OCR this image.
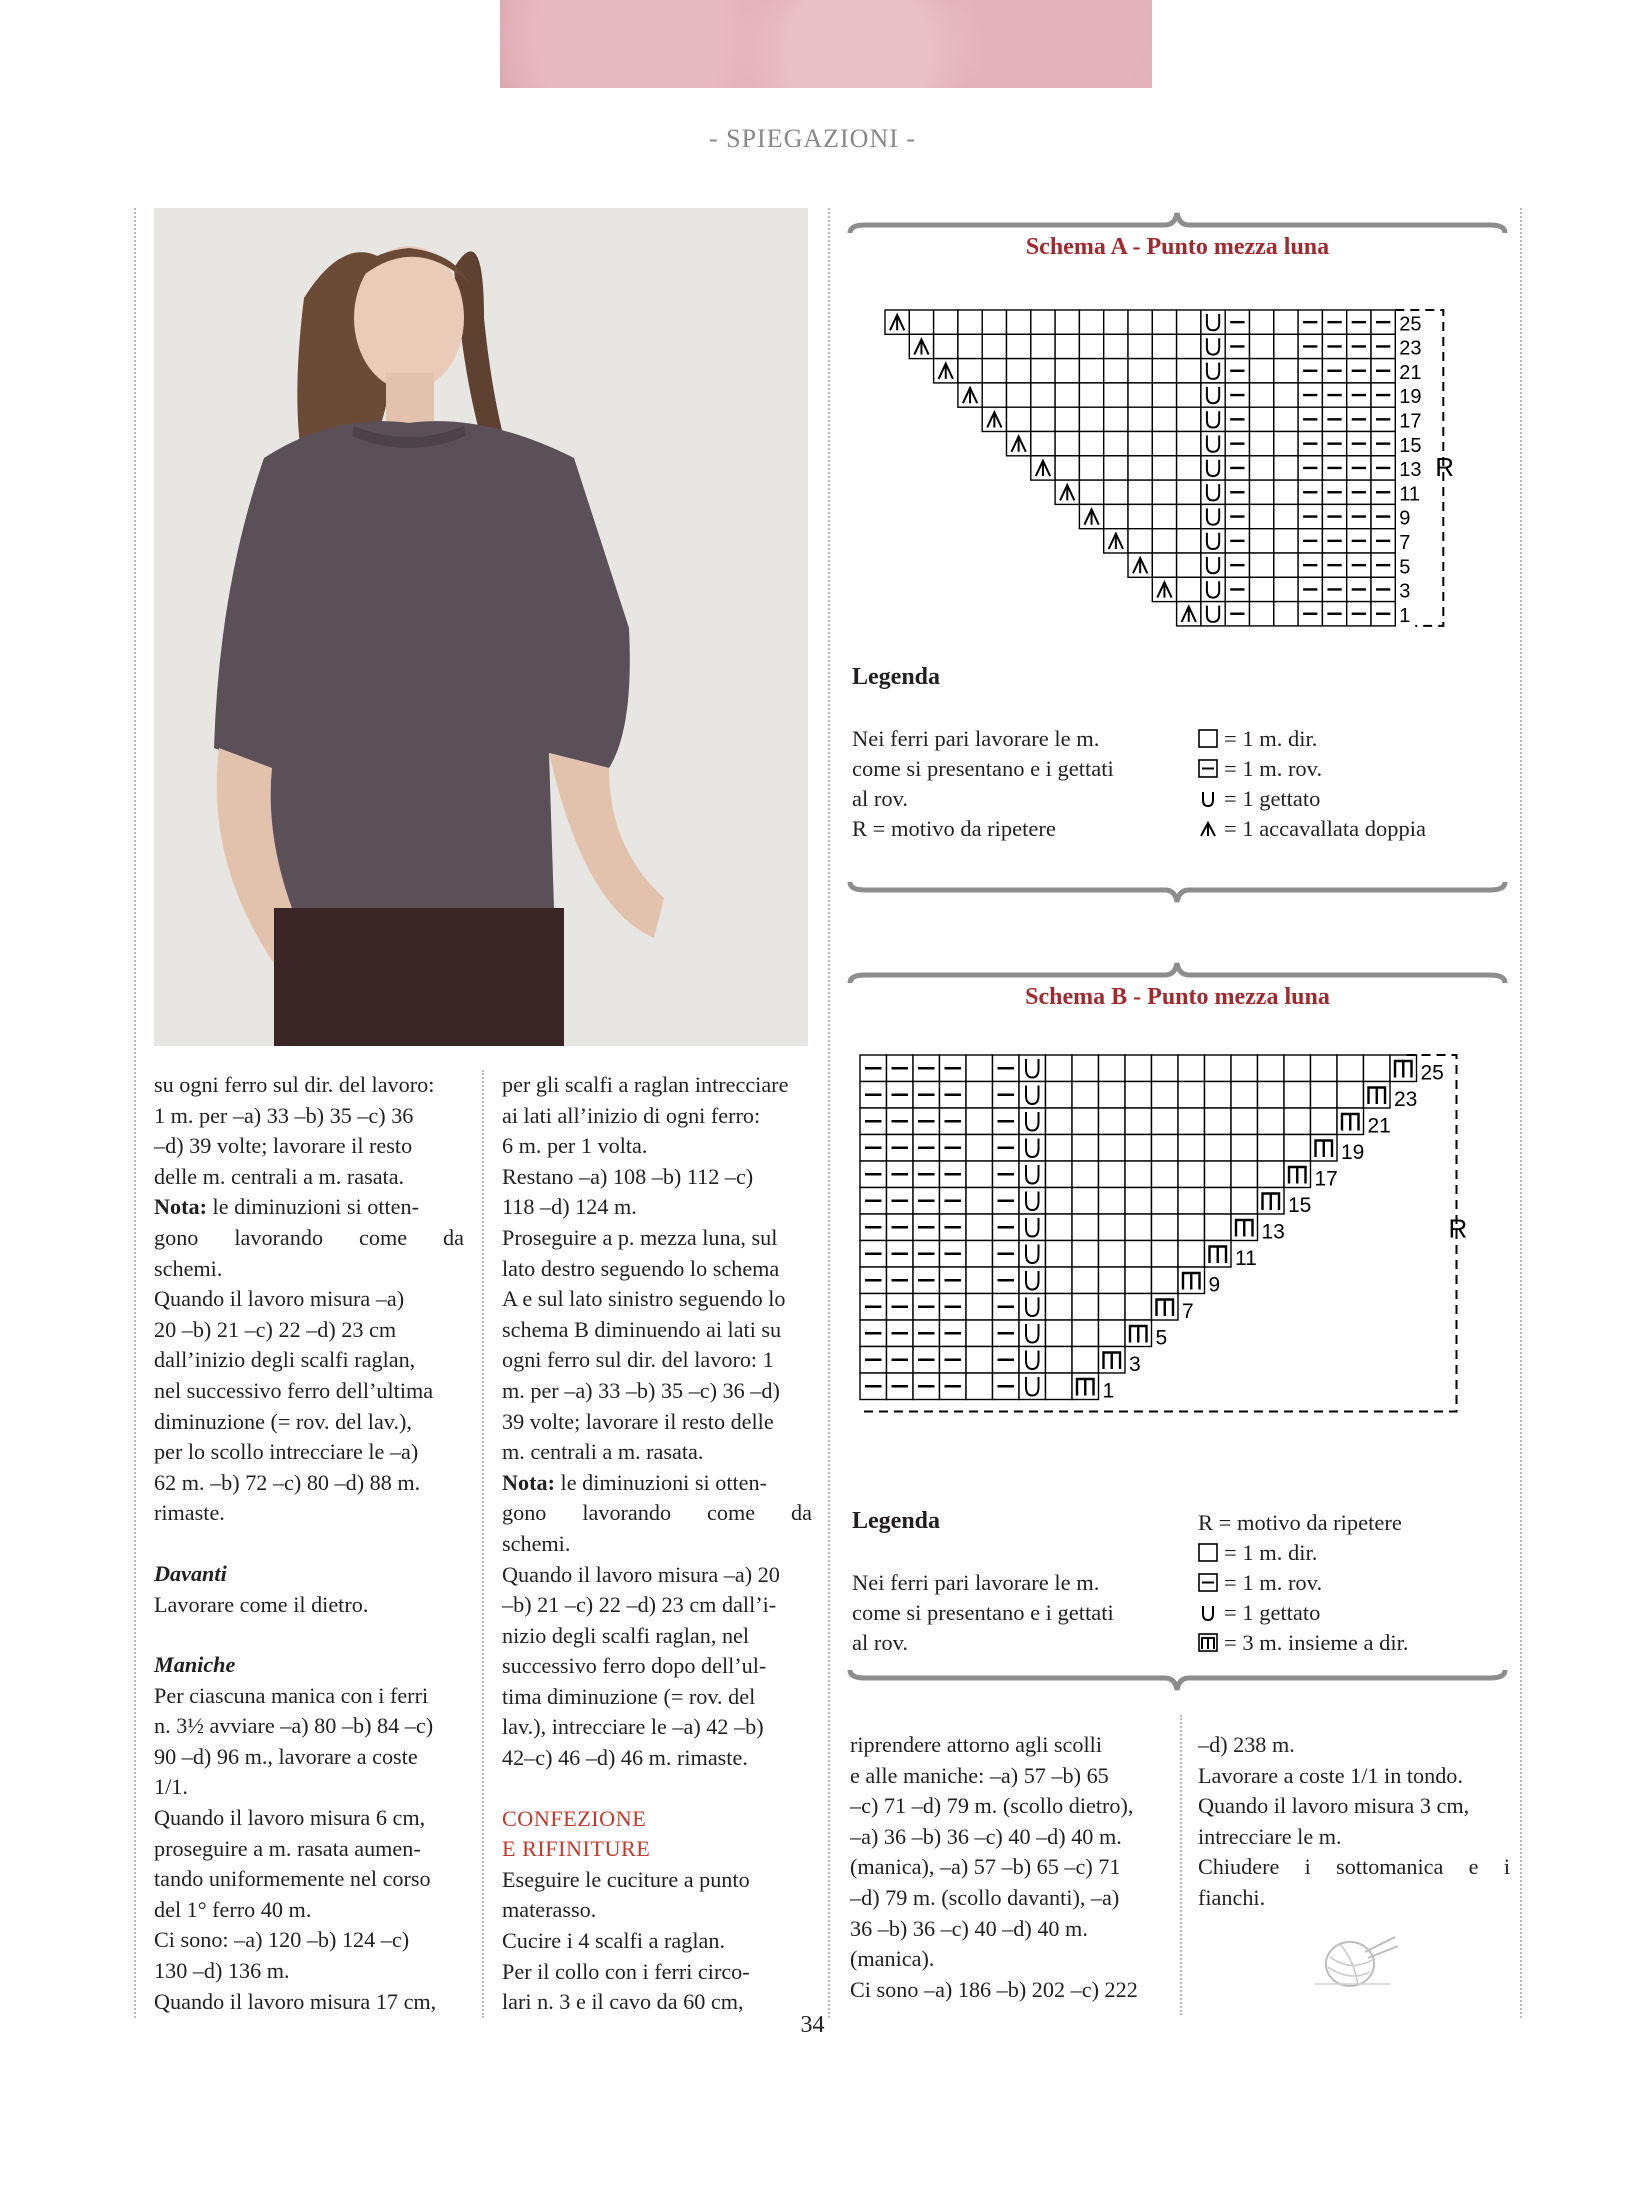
- SPIEGAZIONI -

su ogni ferro sul dir. del lavoro:

1 m. per –a) 33 –b) 35 –c) 36

–d) 39 volte; lavorare il resto

delle m. centrali a m. rasata.

Nota: le diminuzioni si otten-

gono lavorando come da

schemi.

Quando il lavoro misura –a)

20 –b) 21 –c) 22 –d) 23 cm

dall’inizio degli scalfi raglan,

nel successivo ferro dell’ultima

diminuzione (= rov. del lav.),

per lo scollo intrecciare le –a)

62 m. –b) 72 –c) 80 –d) 88 m.

rimaste.

Davanti

Lavorare come il dietro.

Maniche

Per ciascuna manica con i ferri

n. 3½ avviare –a) 80 –b) 84 –c)

90 –d) 96 m., lavorare a coste

1/1.

Quando il lavoro misura 6 cm,

proseguire a m. rasata aumen-

tando uniformemente nel corso

del 1° ferro 40 m.

Ci sono: –a) 120 –b) 124 –c)

130 –d) 136 m.

Quando il lavoro misura 17 cm,

per gli scalfi a raglan intrecciare

ai lati all’inizio di ogni ferro:

6 m. per 1 volta.

Restano –a) 108 –b) 112 –c)

118 –d) 124 m.

Proseguire a p. mezza luna, sul

lato destro seguendo lo schema

A e sul lato sinistro seguendo lo

schema B diminuendo ai lati su

ogni ferro sul dir. del lavoro: 1

m. per –a) 33 –b) 35 –c) 36 –d)

39 volte; lavorare il resto delle

m. centrali a m. rasata.

Nota: le diminuzioni si otten-

gono lavorando come da

schemi.

Quando il lavoro misura –a) 20

–b) 21 –c) 22 –d) 23 cm dall’i-

nizio degli scalfi raglan, nel

successivo ferro dopo dell’ul-

tima diminuzione (= rov. del

lav.), intrecciare le –a) 42 –b)

42–c) 46 –d) 46 m. rimaste.

CONFEZIONE

E RIFINITURE

Eseguire le cuciture a punto

materasso.

Cucire i 4 scalfi a raglan.

Per il collo con i ferri circo-

lari n. 3 e il cavo da 60 cm,

riprendere attorno agli scolli

e alle maniche: –a) 57 –b) 65

–c) 71 –d) 79 m. (scollo dietro),

–a) 36 –b) 36 –c) 40 –d) 40 m.

(manica), –a) 57 –b) 65 –c) 71

–d) 79 m. (scollo davanti), –a)

36 –b) 36 –c) 40 –d) 40 m.

(manica).

Ci sono –a) 186 –b) 202 –c) 222

–d) 238 m.

Lavorare a coste 1/1 in tondo.

Quando il lavoro misura 3 cm,

intrecciare le m.

Chiudere i sottomanica e i

fianchi.

Schema A - Punto mezza luna
25
23
21
19
17
15
13
11
9
7
5
3
1
R
Legenda

Nei ferri pari lavorare le m.

come si presentano e i gettati

al rov.

R = motivo da ripetere

= 1 m. dir.

= 1 m. rov.

= 1 gettato

= 1 accavallata doppia

Schema B - Punto mezza luna
25
23
21
19
17
15
13
11
9
7
5
3
1
R
Legenda

Nei ferri pari lavorare le m.

come si presentano e i gettati

al rov.

R = motivo da ripetere

= 1 m. dir.

= 1 m. rov.

= 1 gettato

= 3 m. insieme a dir.

34
